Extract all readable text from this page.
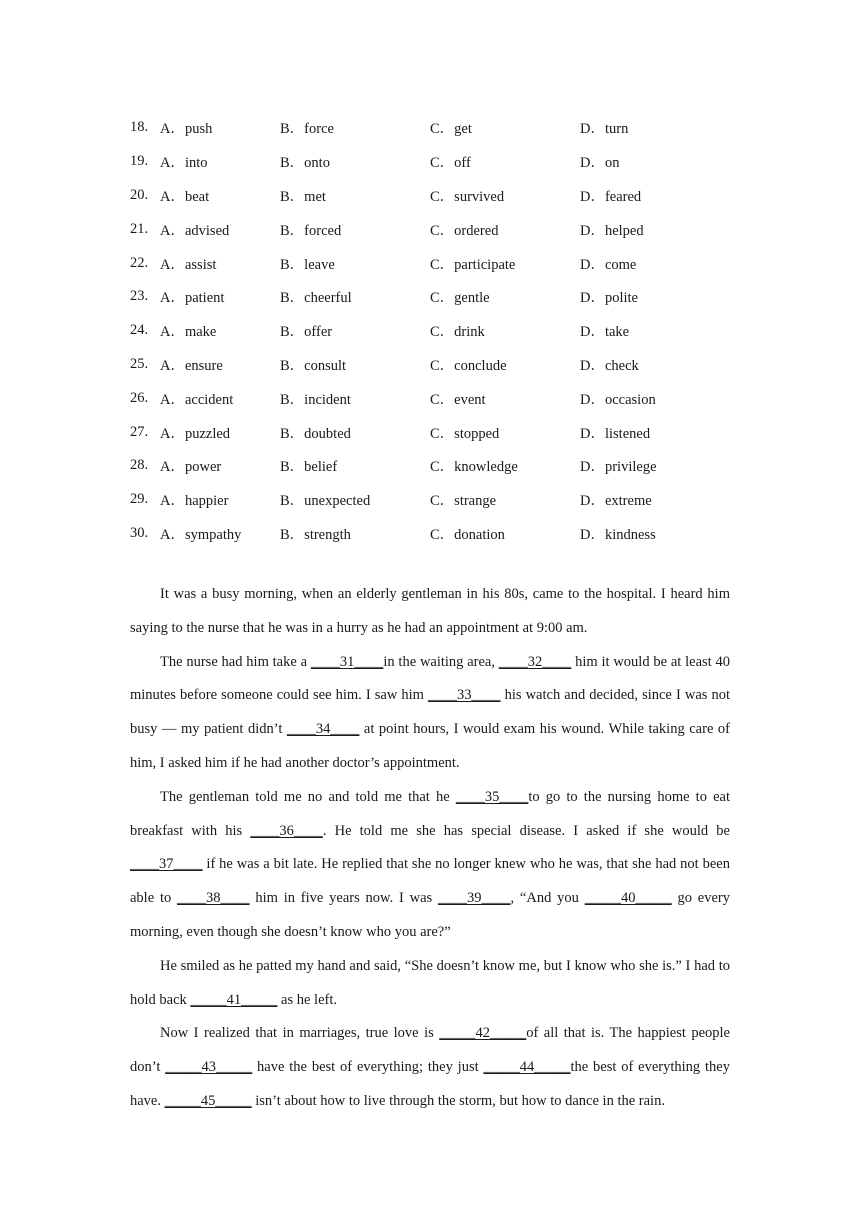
18. A．push	B．force	C．get	D．turn
19. A．into	B．onto	C．off	D．on
20. A．beat	B．met	C．survived	D．feared
21. A．advised	B．forced	C．ordered	D．helped
22. A．assist	B．leave	C．participate	D．come
23. A．patient	B．cheerful	C．gentle	D．polite
24. A．make	B．offer	C．drink	D．take
25. A．ensure	B．consult	C．conclude	D．check
26. A．accident	B．incident	C．event	D．occasion
27. A．puzzled	B．doubted	C．stopped	D．listened
28. A．power	B．belief	C．knowledge	D．privilege
29. A．happier	B．unexpected	C．strange	D．extreme
30. A．sympathy	B．strength	C．donation	D．kindness

It was a busy morning, when an elderly gentleman in his 80s, came to the hospital. I heard him saying to the nurse that he was in a hurry as he had an appointment at 9:00 am.

The nurse had him take a ____31____in the waiting area, ____32____ him it would be at least 40 minutes before someone could see him. I saw him ____33____ his watch and decided, since I was not busy — my patient didn’t ____34____ at point hours, I would exam his wound. While taking care of him, I asked him if he had another doctor’s appointment.

The gentleman told me no and told me that he ____35____to go to the nursing home to eat breakfast with his ____36____. He told me she has special disease. I asked if she would be ____37____ if he was a bit late. He replied that she no longer knew who he was, that she had not been able to ____38____ him in five years now. I was ____39____, “And you _____40_____ go every morning, even though she doesn’t know who you are?”

He smiled as he patted my hand and said, “She doesn’t know me, but I know who she is.” I had to hold back _____41_____ as he left.

Now I realized that in marriages, true love is _____42_____of all that is. The happiest people don’t _____43_____ have the best of everything; they just _____44_____the best of everything they have. _____45_____ isn’t about how to live through the storm, but how to dance in the rain.
